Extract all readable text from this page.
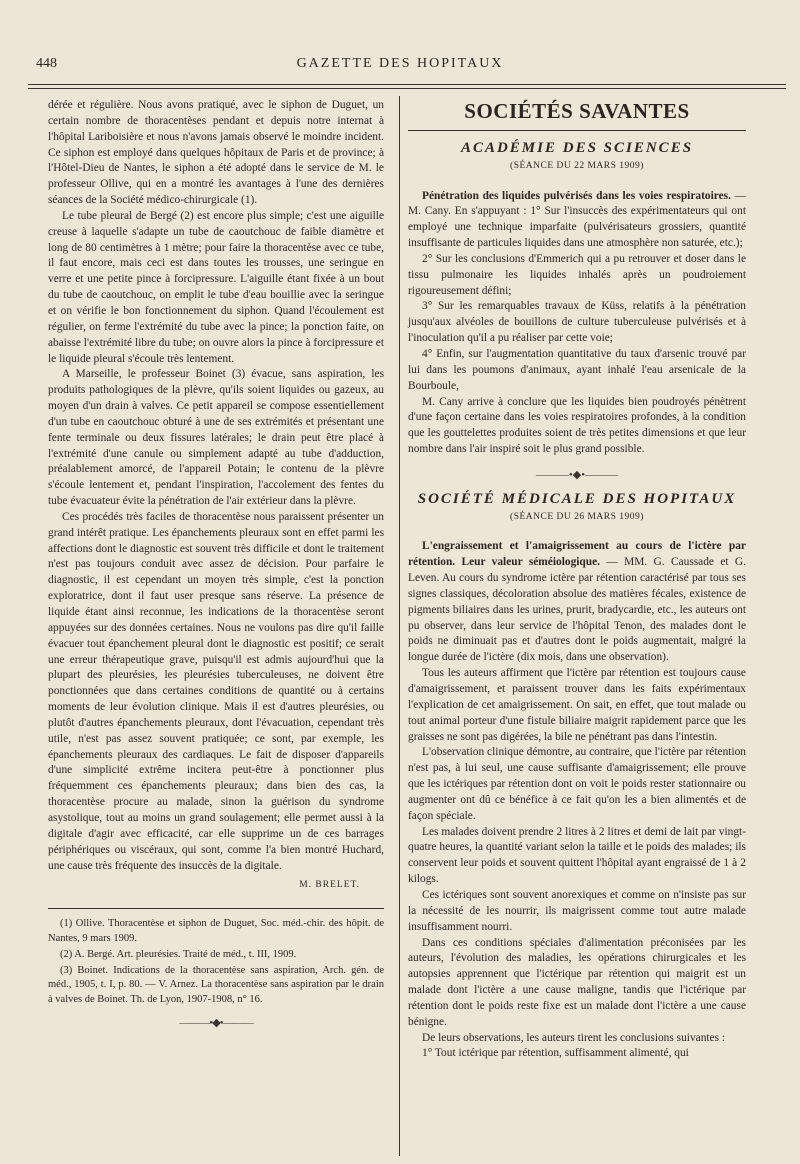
448	GAZETTE DES HOPITAUX

dérée et régulière. Nous avons pratiqué, avec le siphon de Duguet, un certain nombre de thoracentèses pendant et depuis notre internat à l'hôpital Lariboisière et nous n'avons jamais observé le moindre incident. Ce siphon est employé dans quelques hôpitaux de Paris et de province; à l'Hôtel-Dieu de Nantes, le siphon a été adopté dans le service de M. le professeur Ollive, qui en a montré les avantages à l'une des dernières séances de la Société médico-chirurgicale (1).

Le tube pleural de Bergé (2) est encore plus simple; c'est une aiguille creuse à laquelle s'adapte un tube de caoutchouc de faible diamètre et long de 80 centimètres à 1 mètre; pour faire la thoracentèse avec ce tube, il faut encore, mais ceci est dans toutes les trousses, une seringue en verre et une petite pince à forcipressure. L'aiguille étant fixée à un bout du tube de caoutchouc, on emplit le tube d'eau bouillie avec la seringue et on vérifie le bon fonctionnement du siphon. Quand l'écoulement est régulier, on ferme l'extrémité du tube avec la pince; la ponction faite, on abaisse l'extrémité libre du tube; on ouvre alors la pince à forcipressure et le liquide pleural s'écoule très lentement.

A Marseille, le professeur Boinet (3) évacue, sans aspiration, les produits pathologiques de la plèvre, qu'ils soient liquides ou gazeux, au moyen d'un drain à valves. Ce petit appareil se compose essentiellement d'un tube en caoutchouc obturé à une de ses extrémités et présentant une fente terminale ou deux fissures latérales; le drain peut être placé à l'extrémité d'une canule ou simplement adapté au tube d'adduction, préalablement amorcé, de l'appareil Potain; le contenu de la plèvre s'écoule lentement et, pendant l'inspiration, l'accolement des fentes du tube évacuateur évite la pénétration de l'air extérieur dans la plèvre.

Ces procédés très faciles de thoracentèse nous paraissent présenter un grand intérêt pratique. Les épanchements pleuraux sont en effet parmi les affections dont le diagnostic est souvent très difficile et dont le traitement n'est pas toujours conduit avec assez de décision. Pour parfaire le diagnostic, il est cependant un moyen très simple, c'est la ponction exploratrice, dont il faut user presque sans réserve. La présence de liquide étant ainsi reconnue, les indications de la thoracentèse seront appuyées sur des données certaines. Nous ne voulons pas dire qu'il faille évacuer tout épanchement pleural dont le diagnostic est positif; ce serait une erreur thérapeutique grave, puisqu'il est admis aujourd'hui que la plupart des pleurésies, les pleurésies tuberculeuses, ne doivent être ponctionnées que dans certaines conditions de quantité ou à certains moments de leur évolution clinique. Mais il est d'autres pleurésies, ou plutôt d'autres épanchements pleuraux, dont l'évacuation, cependant très utile, n'est pas assez souvent pratiquée; ce sont, par exemple, les épanchements pleuraux des cardiaques. Le fait de disposer d'appareils d'une simplicité extrême incitera peut-être à ponctionner plus fréquemment ces épanchements pleuraux; dans bien des cas, la thoracentèse procure au malade, sinon la guérison du syndrome asystolique, tout au moins un grand soulagement; elle permet aussi à la digitale d'agir avec efficacité, car elle supprime un de ces barrages périphériques ou viscéraux, qui sont, comme l'a bien montré Huchard, une cause très fréquente des insuccès de la digitale.

M. BRELET.

(1) Ollive. Thoracentèse et siphon de Duguet, Soc. méd.-chir. des hôpit. de Nantes, 9 mars 1909.

(2) A. Bergé. Art. pleurésies. Traité de méd., t. III, 1909.

(3) Boinet. Indications de la thoracentèse sans aspiration, Arch. gén. de méd., 1905, t. I, p. 80. — V. Arnez. La thoracentèse sans aspiration par le drain à valves de Boinet. Th. de Lyon, 1907-1908, n° 16.

———•◆•———
SOCIÉTÉS SAVANTES
ACADÉMIE DES SCIENCES
(SÉANCE DU 22 MARS 1909)

Pénétration des liquides pulvérisés dans les voies respiratoires. — M. Cany. En s'appuyant : 1° Sur l'insuccès des expérimentateurs qui ont employé une technique imparfaite (pulvérisateurs grossiers, quantité insuffisante de particules liquides dans une atmosphère non saturée, etc.);

2° Sur les conclusions d'Emmerich qui a pu retrouver et doser dans le tissu pulmonaire les liquides inhalés après un poudroiement rigoureusement défini;

3° Sur les remarquables travaux de Küss, relatifs à la pénétration jusqu'aux alvéoles de bouillons de culture tuberculeuse pulvérisés et à l'inoculation qu'il a pu réaliser par cette voie;

4° Enfin, sur l'augmentation quantitative du taux d'arsenic trouvé par lui dans les poumons d'animaux, ayant inhalé l'eau arsenicale de la Bourboule,

M. Cany arrive à conclure que les liquides bien poudroyés pénètrent d'une façon certaine dans les voies respiratoires profondes, à la condition que les gouttelettes produites soient de très petites dimensions et que leur nombre dans l'air inspiré soit le plus grand possible.

———•◆•———
SOCIÉTÉ MÉDICALE DES HOPITAUX
(SÉANCE DU 26 MARS 1909)

L'engraissement et l'amaigrissement au cours de l'ictère par rétention. Leur valeur séméiologique. — MM. G. Caussade et G. Leven. Au cours du syndrome ictère par rétention caractérisé par tous ses signes classiques, décoloration absolue des matières fécales, existence de pigments biliaires dans les urines, prurit, bradycardie, etc., les auteurs ont pu observer, dans leur service de l'hôpital Tenon, des malades dont le poids ne diminuait pas et d'autres dont le poids augmentait, malgré la longue durée de l'ictère (dix mois, dans une observation).

Tous les auteurs affirment que l'ictère par rétention est toujours cause d'amaigrissement, et paraissent trouver dans les faits expérimentaux l'explication de cet amaigrissement. On sait, en effet, que tout malade ou tout animal porteur d'une fistule biliaire maigrit rapidement parce que les graisses ne sont pas digérées, la bile ne pénétrant pas dans l'intestin.

L'observation clinique démontre, au contraire, que l'ictère par rétention n'est pas, à lui seul, une cause suffisante d'amaigrissement; elle prouve que les ictériques par rétention dont on voit le poids rester stationnaire ou augmenter ont dû ce bénéfice à ce fait qu'on les a bien alimentés et de façon spéciale.

Les malades doivent prendre 2 litres à 2 litres et demi de lait par vingt-quatre heures, la quantité variant selon la taille et le poids des malades; ils conservent leur poids et souvent quittent l'hôpital ayant engraissé de 1 à 2 kilogs.

Ces ictériques sont souvent anorexiques et comme on n'insiste pas sur la nécessité de les nourrir, ils maigrissent comme tout autre malade insuffisamment nourri.

Dans ces conditions spéciales d'alimentation préconisées par les auteurs, l'évolution des maladies, les opérations chirurgicales et les autopsies apprennent que l'ictérique par rétention qui maigrit est un malade dont l'ictère a une cause maligne, tandis que l'ictérique par rétention dont le poids reste fixe est un malade dont l'ictère a une cause bénigne.

De leurs observations, les auteurs tirent les conclusions suivantes :

1° Tout ictérique par rétention, suffisamment alimenté, qui
